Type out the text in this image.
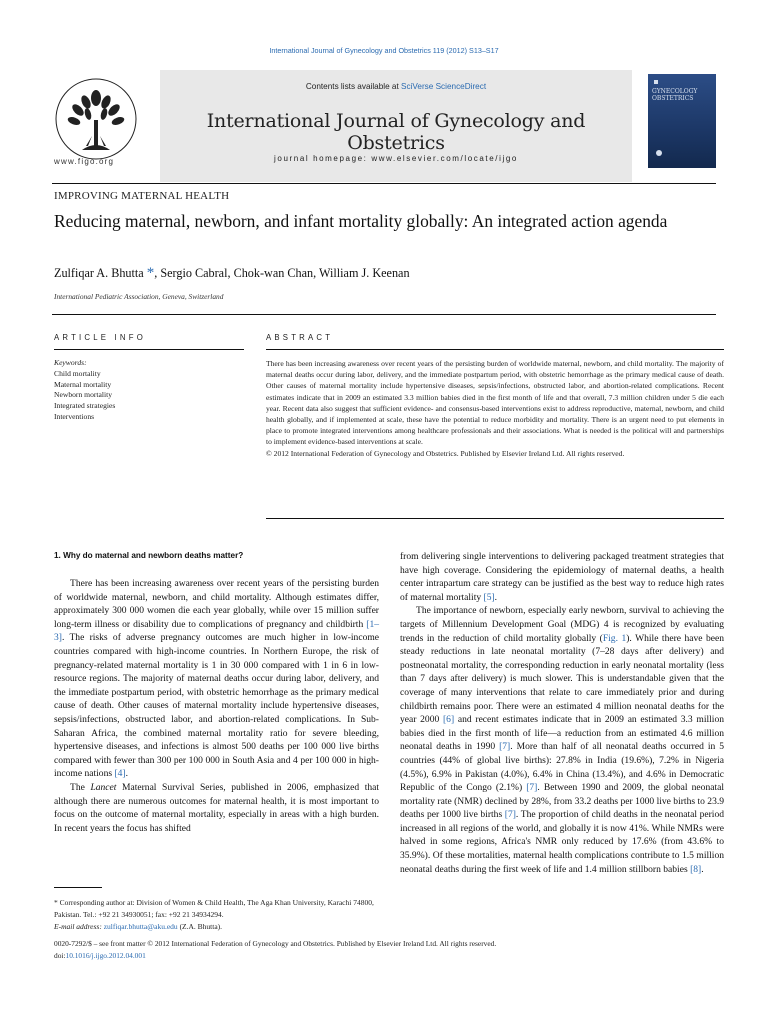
International Journal of Gynecology and Obstetrics 119 (2012) S13–S17
Contents lists available at SciVerse ScienceDirect
International Journal of Gynecology and Obstetrics
journal homepage: www.elsevier.com/locate/ijgo
www.figo.org
GYNECOLOGY OBSTETRICS
IMPROVING MATERNAL HEALTH
Reducing maternal, newborn, and infant mortality globally: An integrated action agenda
Zulfiqar A. Bhutta *, Sergio Cabral, Chok-wan Chan, William J. Keenan
International Pediatric Association, Geneva, Switzerland
ARTICLE INFO	ABSTRACT
Keywords:
Child mortality
Maternal mortality
Newborn mortality
Integrated strategies
Interventions
There has been increasing awareness over recent years of the persisting burden of worldwide maternal, newborn, and child mortality. The majority of maternal deaths occur during labor, delivery, and the immediate postpartum period, with obstetric hemorrhage as the primary medical cause of death. Other causes of maternal mortality include hypertensive diseases, sepsis/infections, obstructed labor, and abortion-related complications. Recent estimates indicate that in 2009 an estimated 3.3 million babies died in the first month of life and that overall, 7.3 million children under 5 die each year. Recent data also suggest that sufficient evidence- and consensus-based interventions exist to address reproductive, maternal, newborn, and child health globally, and if implemented at scale, these have the potential to reduce morbidity and mortality. There is an urgent need to put elements in place to promote integrated interventions among healthcare professionals and their associations. What is needed is the political will and partnerships to implement evidence-based interventions at scale.
© 2012 International Federation of Gynecology and Obstetrics. Published by Elsevier Ireland Ltd. All rights reserved.
1. Why do maternal and newborn deaths matter?

There has been increasing awareness over recent years of the persisting burden of worldwide maternal, newborn, and child mortality. Although estimates differ, approximately 300 000 women die each year globally, while over 15 million suffer long-term illness or disability due to complications of pregnancy and childbirth [1–3]. The risks of adverse pregnancy outcomes are much higher in low-income countries compared with high-income countries. In Northern Europe, the risk of pregnancy-related maternal mortality is 1 in 30 000 compared with 1 in 6 in low-resource regions. The majority of maternal deaths occur during labor, delivery, and the immediate postpartum period, with obstetric hemorrhage as the primary medical cause of death. Other causes of maternal mortality include hypertensive diseases, sepsis/infections, obstructed labor, and abortion-related complications. In Sub-Saharan Africa, the combined maternal mortality ratio for severe bleeding, hypertensive diseases, and infections is almost 500 deaths per 100 000 live births compared with fewer than 300 per 100 000 in South Asia and 4 per 100 000 in high-income nations [4].

The Lancet Maternal Survival Series, published in 2006, emphasized that although there are numerous outcomes for maternal health, it is most important to focus on the outcome of maternal mortality, especially in areas with a high burden. In recent years the focus has shifted

from delivering single interventions to delivering packaged treatment strategies that have high coverage. Considering the epidemiology of maternal deaths, a health center intrapartum care strategy can be justified as the best way to reduce high rates of maternal mortality [5].

The importance of newborn, especially early newborn, survival to achieving the targets of Millennium Development Goal (MDG) 4 is recognized by evaluating trends in the reduction of child mortality globally (Fig. 1). While there have been steady reductions in late neonatal mortality (7–28 days after delivery) and postneonatal mortality, the corresponding reduction in early neonatal mortality (less than 7 days after delivery) is much slower. This is understandable given that the coverage of many interventions that relate to care immediately prior and during childbirth remains poor. There were an estimated 4 million neonatal deaths for the year 2000 [6] and recent estimates indicate that in 2009 an estimated 3.3 million babies died in the first month of life—a reduction from an estimated 4.6 million neonatal deaths in 1990 [7]. More than half of all neonatal deaths occurred in 5 countries (44% of global live births): 27.8% in India (19.6%), 7.2% in Nigeria (4.5%), 6.9% in Pakistan (4.0%), 6.4% in China (13.4%), and 4.6% in Democratic Republic of the Congo (2.1%) [7]. Between 1990 and 2009, the global neonatal mortality rate (NMR) declined by 28%, from 33.2 deaths per 1000 live births to 23.9 deaths per 1000 live births [7]. The proportion of child deaths in the neonatal period increased in all regions of the world, and globally it is now 41%. While NMRs were halved in some regions, Africa's NMR only reduced by 17.6% (from 43.6% to 35.9%). Of these mortalities, maternal health complications contribute to 1.5 million neonatal deaths during the first week of life and 1.4 million stillborn babies [8].

* Corresponding author at: Division of Women & Child Health, The Aga Khan University, Karachi 74800, Pakistan. Tel.: +92 21 34930051; fax: +92 21 34934294.
E-mail address: zulfiqar.bhutta@aku.edu (Z.A. Bhutta).
0020-7292/$ – see front matter © 2012 International Federation of Gynecology and Obstetrics. Published by Elsevier Ireland Ltd. All rights reserved.
doi:10.1016/j.ijgo.2012.04.001
